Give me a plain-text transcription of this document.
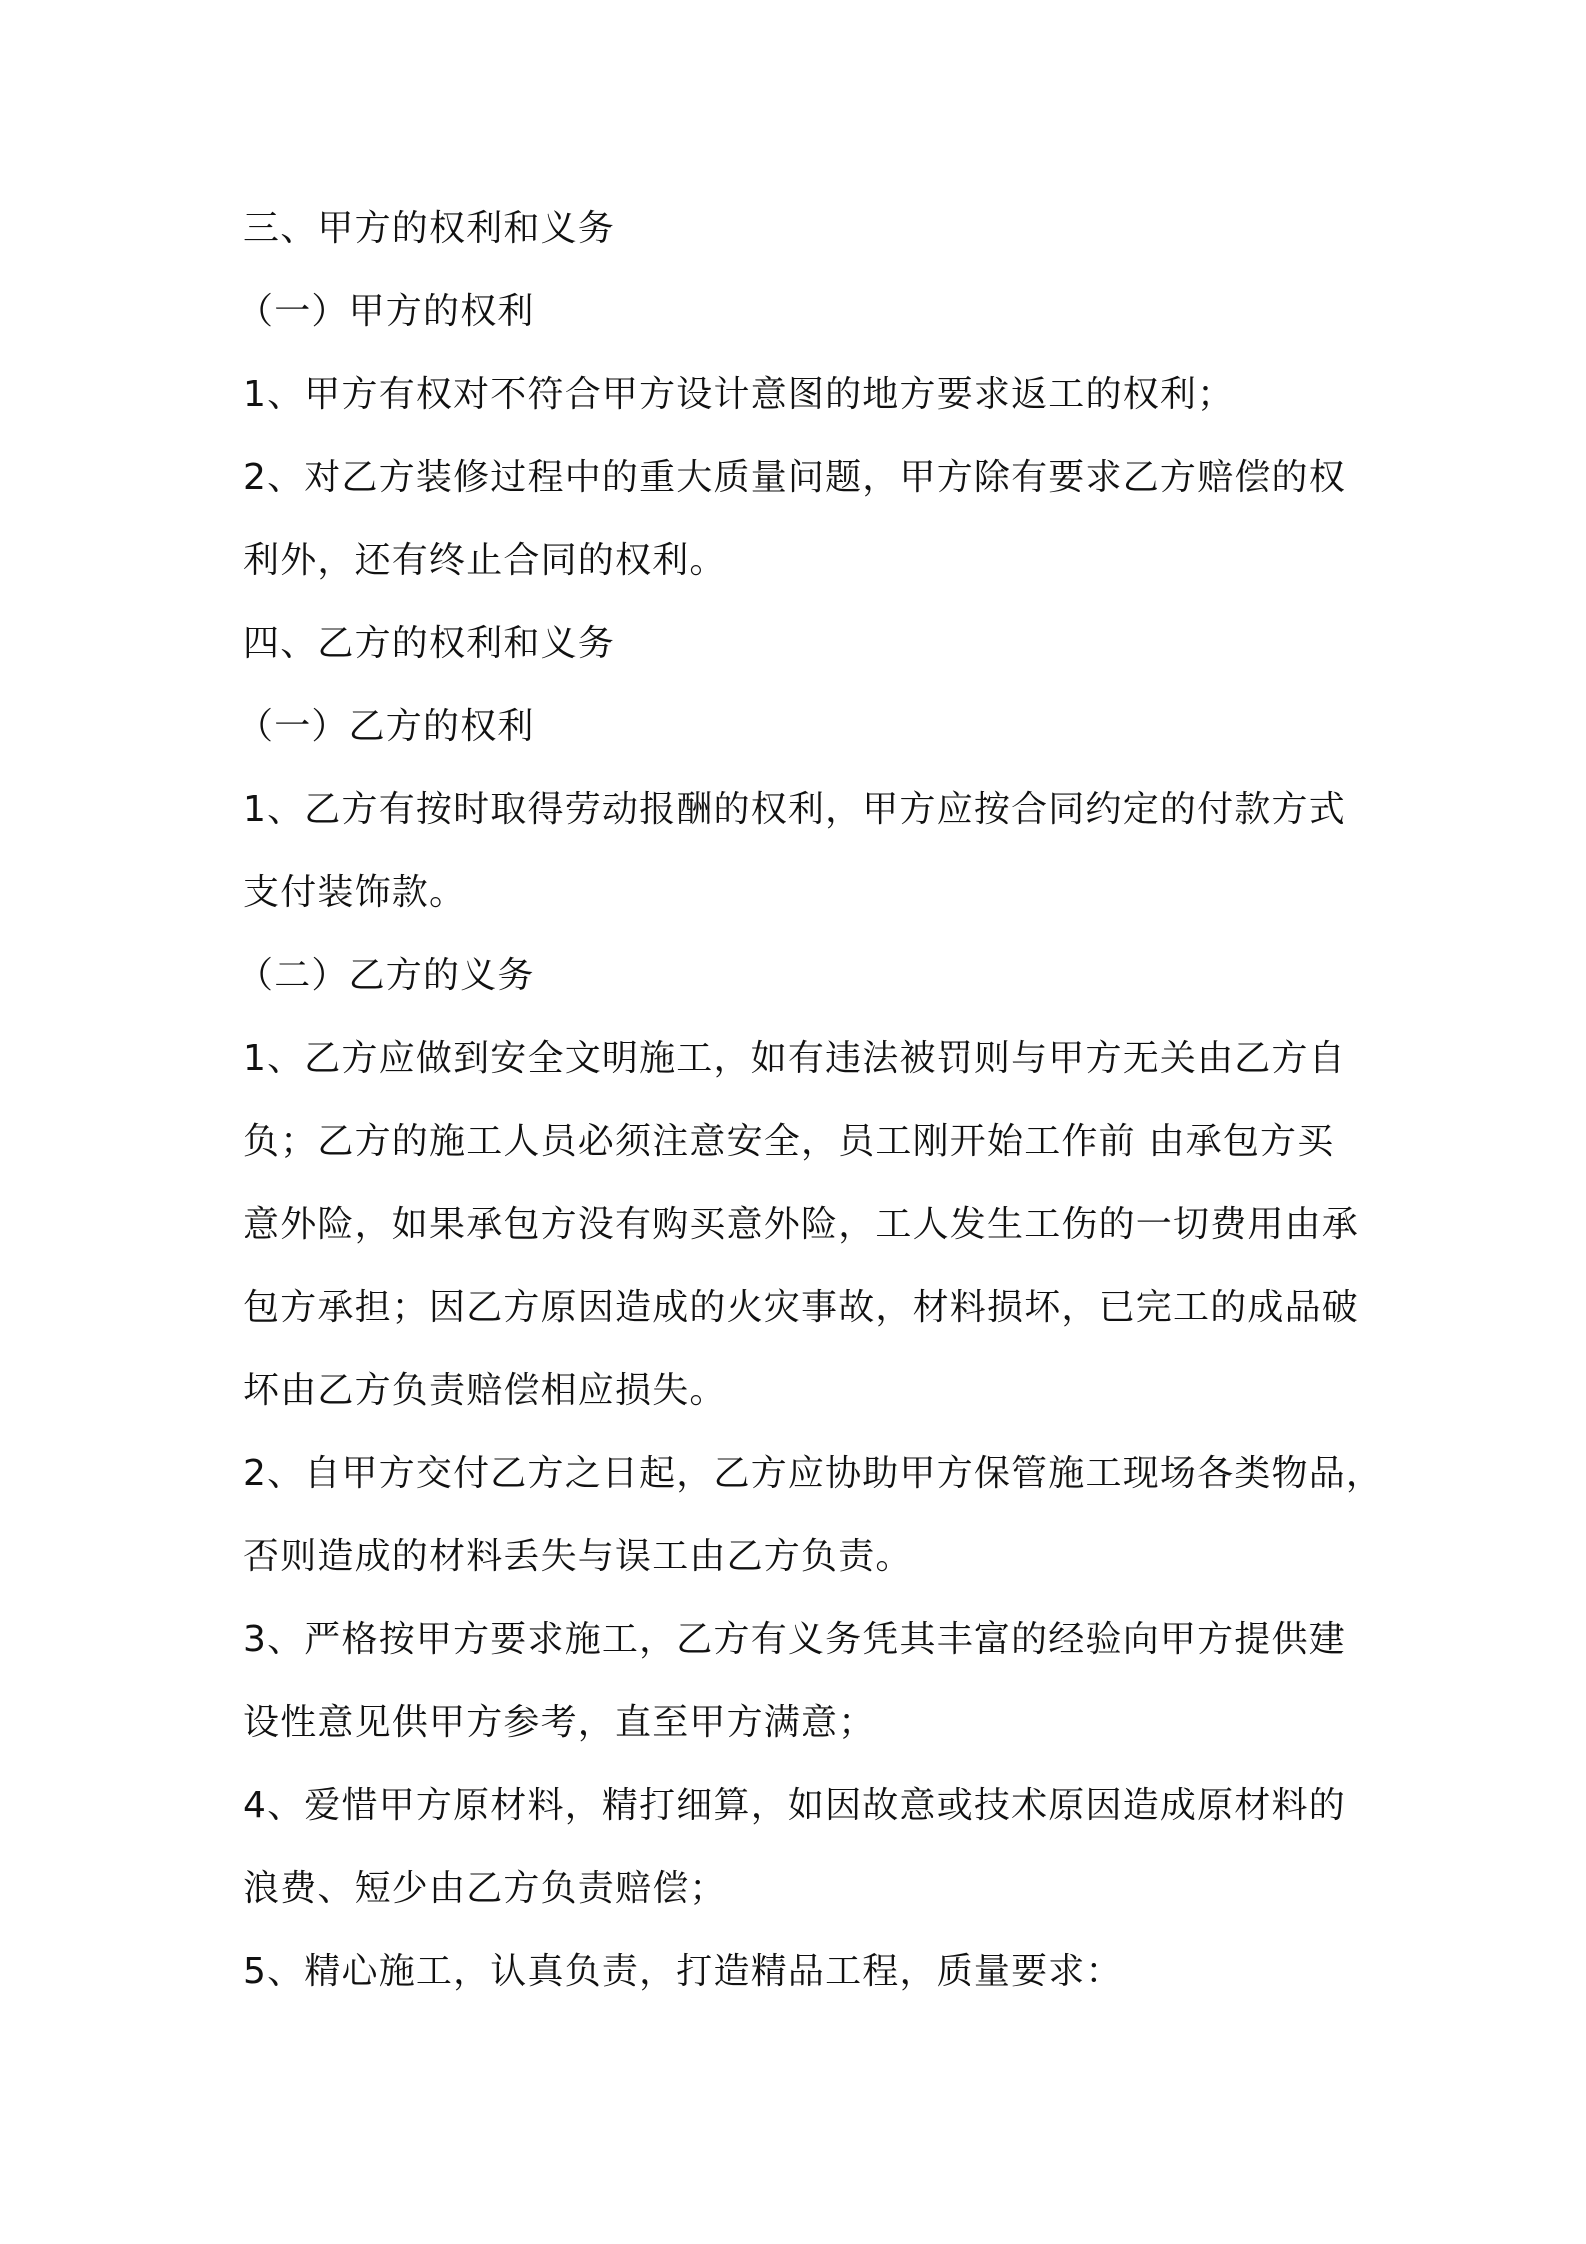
三、甲方的权利和义务

（一）甲方的权利

1、甲方有权对不符合甲方设计意图的地方要求返工的权利；

2、对乙方装修过程中的重大质量问题，甲方除有要求乙方赔偿的权

利外，还有终止合同的权利。

四、乙方的权利和义务

（一）乙方的权利

1、乙方有按时取得劳动报酬的权利，甲方应按合同约定的付款方式

支付装饰款。

（二）乙方的义务

1、乙方应做到安全文明施工，如有违法被罚则与甲方无关由乙方自

负；乙方的施工人员必须注意安全，员工刚开始工作前 由承包方买

意外险，如果承包方没有购买意外险，工人发生工伤的一切费用由承

包方承担；因乙方原因造成的火灾事故，材料损坏，已完工的成品破

坏由乙方负责赔偿相应损失。

2、自甲方交付乙方之日起，乙方应协助甲方保管施工现场各类物品，

否则造成的材料丢失与误工由乙方负责。

3、严格按甲方要求施工，乙方有义务凭其丰富的经验向甲方提供建

设性意见供甲方参考，直至甲方满意；

4、爱惜甲方原材料，精打细算，如因故意或技术原因造成原材料的

浪费、短少由乙方负责赔偿；

5、精心施工，认真负责，打造精品工程，质量要求：
